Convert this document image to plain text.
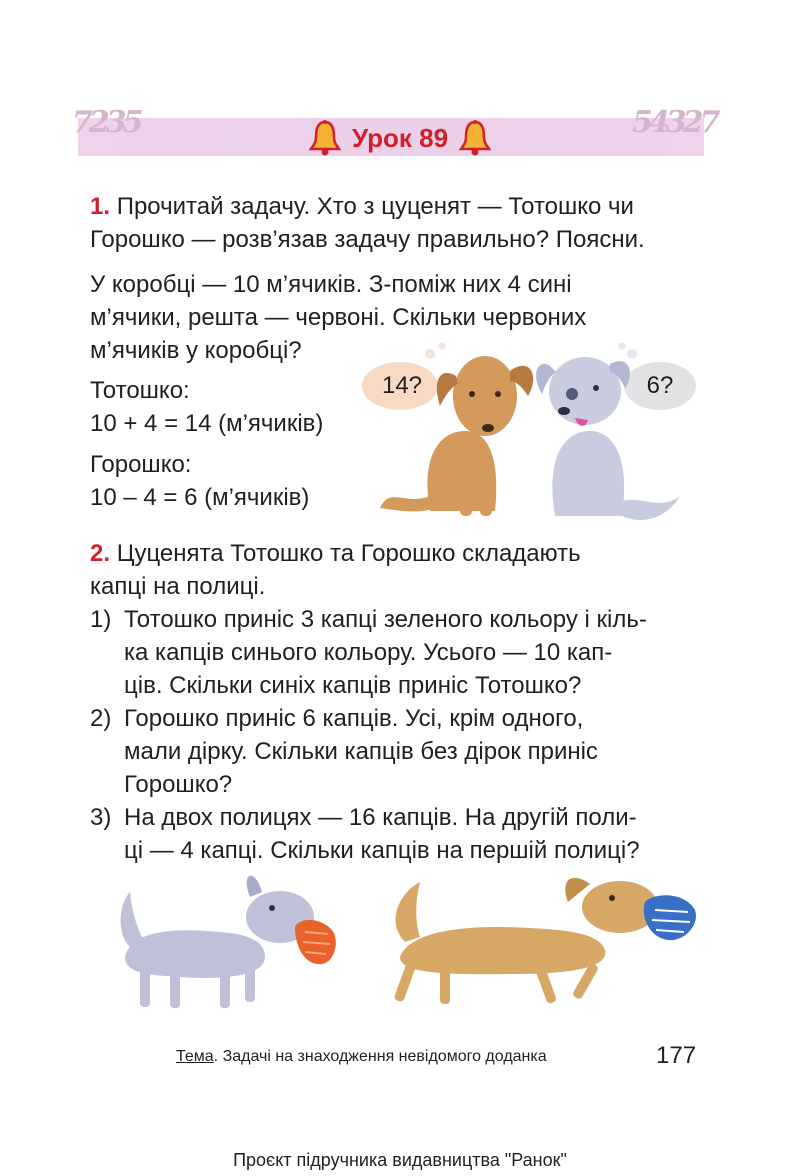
7235	54327
Урок 89
1. Прочитай задачу. Хто з цуценят — Тотошко чи
Горошко — розв’язав задачу правильно? Поясни.
У коробці — 10 м’ячиків. З-поміж них 4 сині
м’ячики, решта — червоні. Скільки червоних
м’ячиків у коробці?
Тотошко:
10 + 4 = 14 (м’ячиків)
Горошко:
10 – 4 = 6 (м’ячиків)
14?	6?
2. Цуценята Тотошко та Горошко складають
капці на полиці.
1) Тотошко приніс 3 капці зеленого кольору і кіль-
ка капців синього кольору. Усього — 10 кап-
ців. Скільки синіх капців приніс Тотошко?
2) Горошко приніс 6 капців. Усі, крім одного,
мали дірку. Скільки капців без дірок приніс
Горошко?
3) На двох полицях — 16 капців. На другій поли-
ці — 4 капці. Скільки капців на першій полиці?
Тема. Задачі на знаходження невідомого доданка	177
Проєкт підручника видавництва "Ранок"
